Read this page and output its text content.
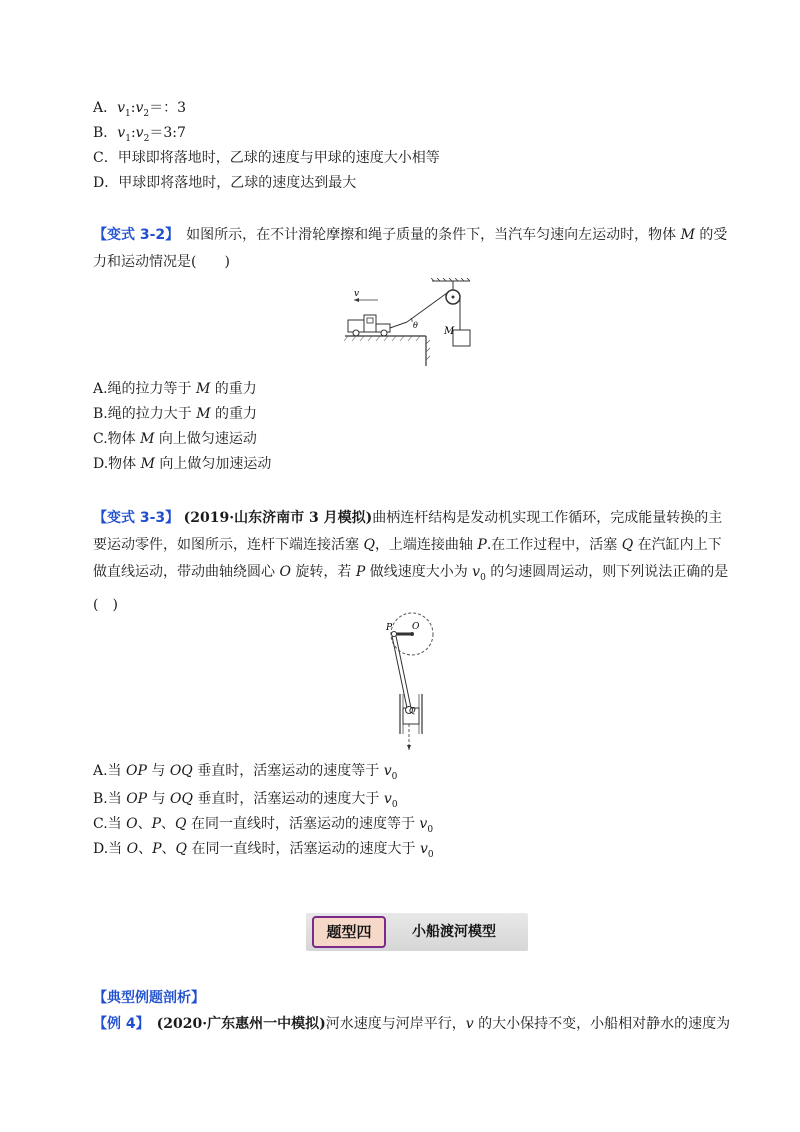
A．$v_1:v_2=$：3
B．$v_1:v_2=3:7$
C．甲球即将落地时，乙球的速度与甲球的速度大小相等
D．甲球即将落地时，乙球的速度达到最大
【变式 3-2】　如图所示，在不计滑轮摩擦和绳子质量的条件下，当汽车匀速向左运动时，物体 M 的受力和运动情况是(　　)
M
v
θ
A.绳的拉力等于 M 的重力
B.绳的拉力大于 M 的重力
C.物体 M 向上做匀速运动
D.物体 M 向上做匀加速运动
【变式 3-3】 (2019·山东济南市 3 月模拟)曲柄连杆结构是发动机实现工作循环，完成能量转换的主要运动零件，如图所示，连杆下端连接活塞 Q，上端连接曲轴 P.在工作过程中，活塞 Q 在汽缸内上下做直线运动，带动曲轴绕圆心 O 旋转，若 P 做线速度大小为 $v_0$ 的匀速圆周运动，则下列说法正确的是(　)
P O
Q
A.当 OP 与 OQ 垂直时，活塞运动的速度等于 $v_0$
B.当 OP 与 OQ 垂直时，活塞运动的速度大于 $v_0$
C.当 O、P、Q 在同一直线时，活塞运动的速度等于 $v_0$
D.当 O、P、Q 在同一直线时，活塞运动的速度大于 $v_0$
题型四	小船渡河模型
【典型例题剖析】
【例 4】　 (2020·广东惠州一中模拟)河水速度与河岸平行，v 的大小保持不变，小船相对静水的速度为
